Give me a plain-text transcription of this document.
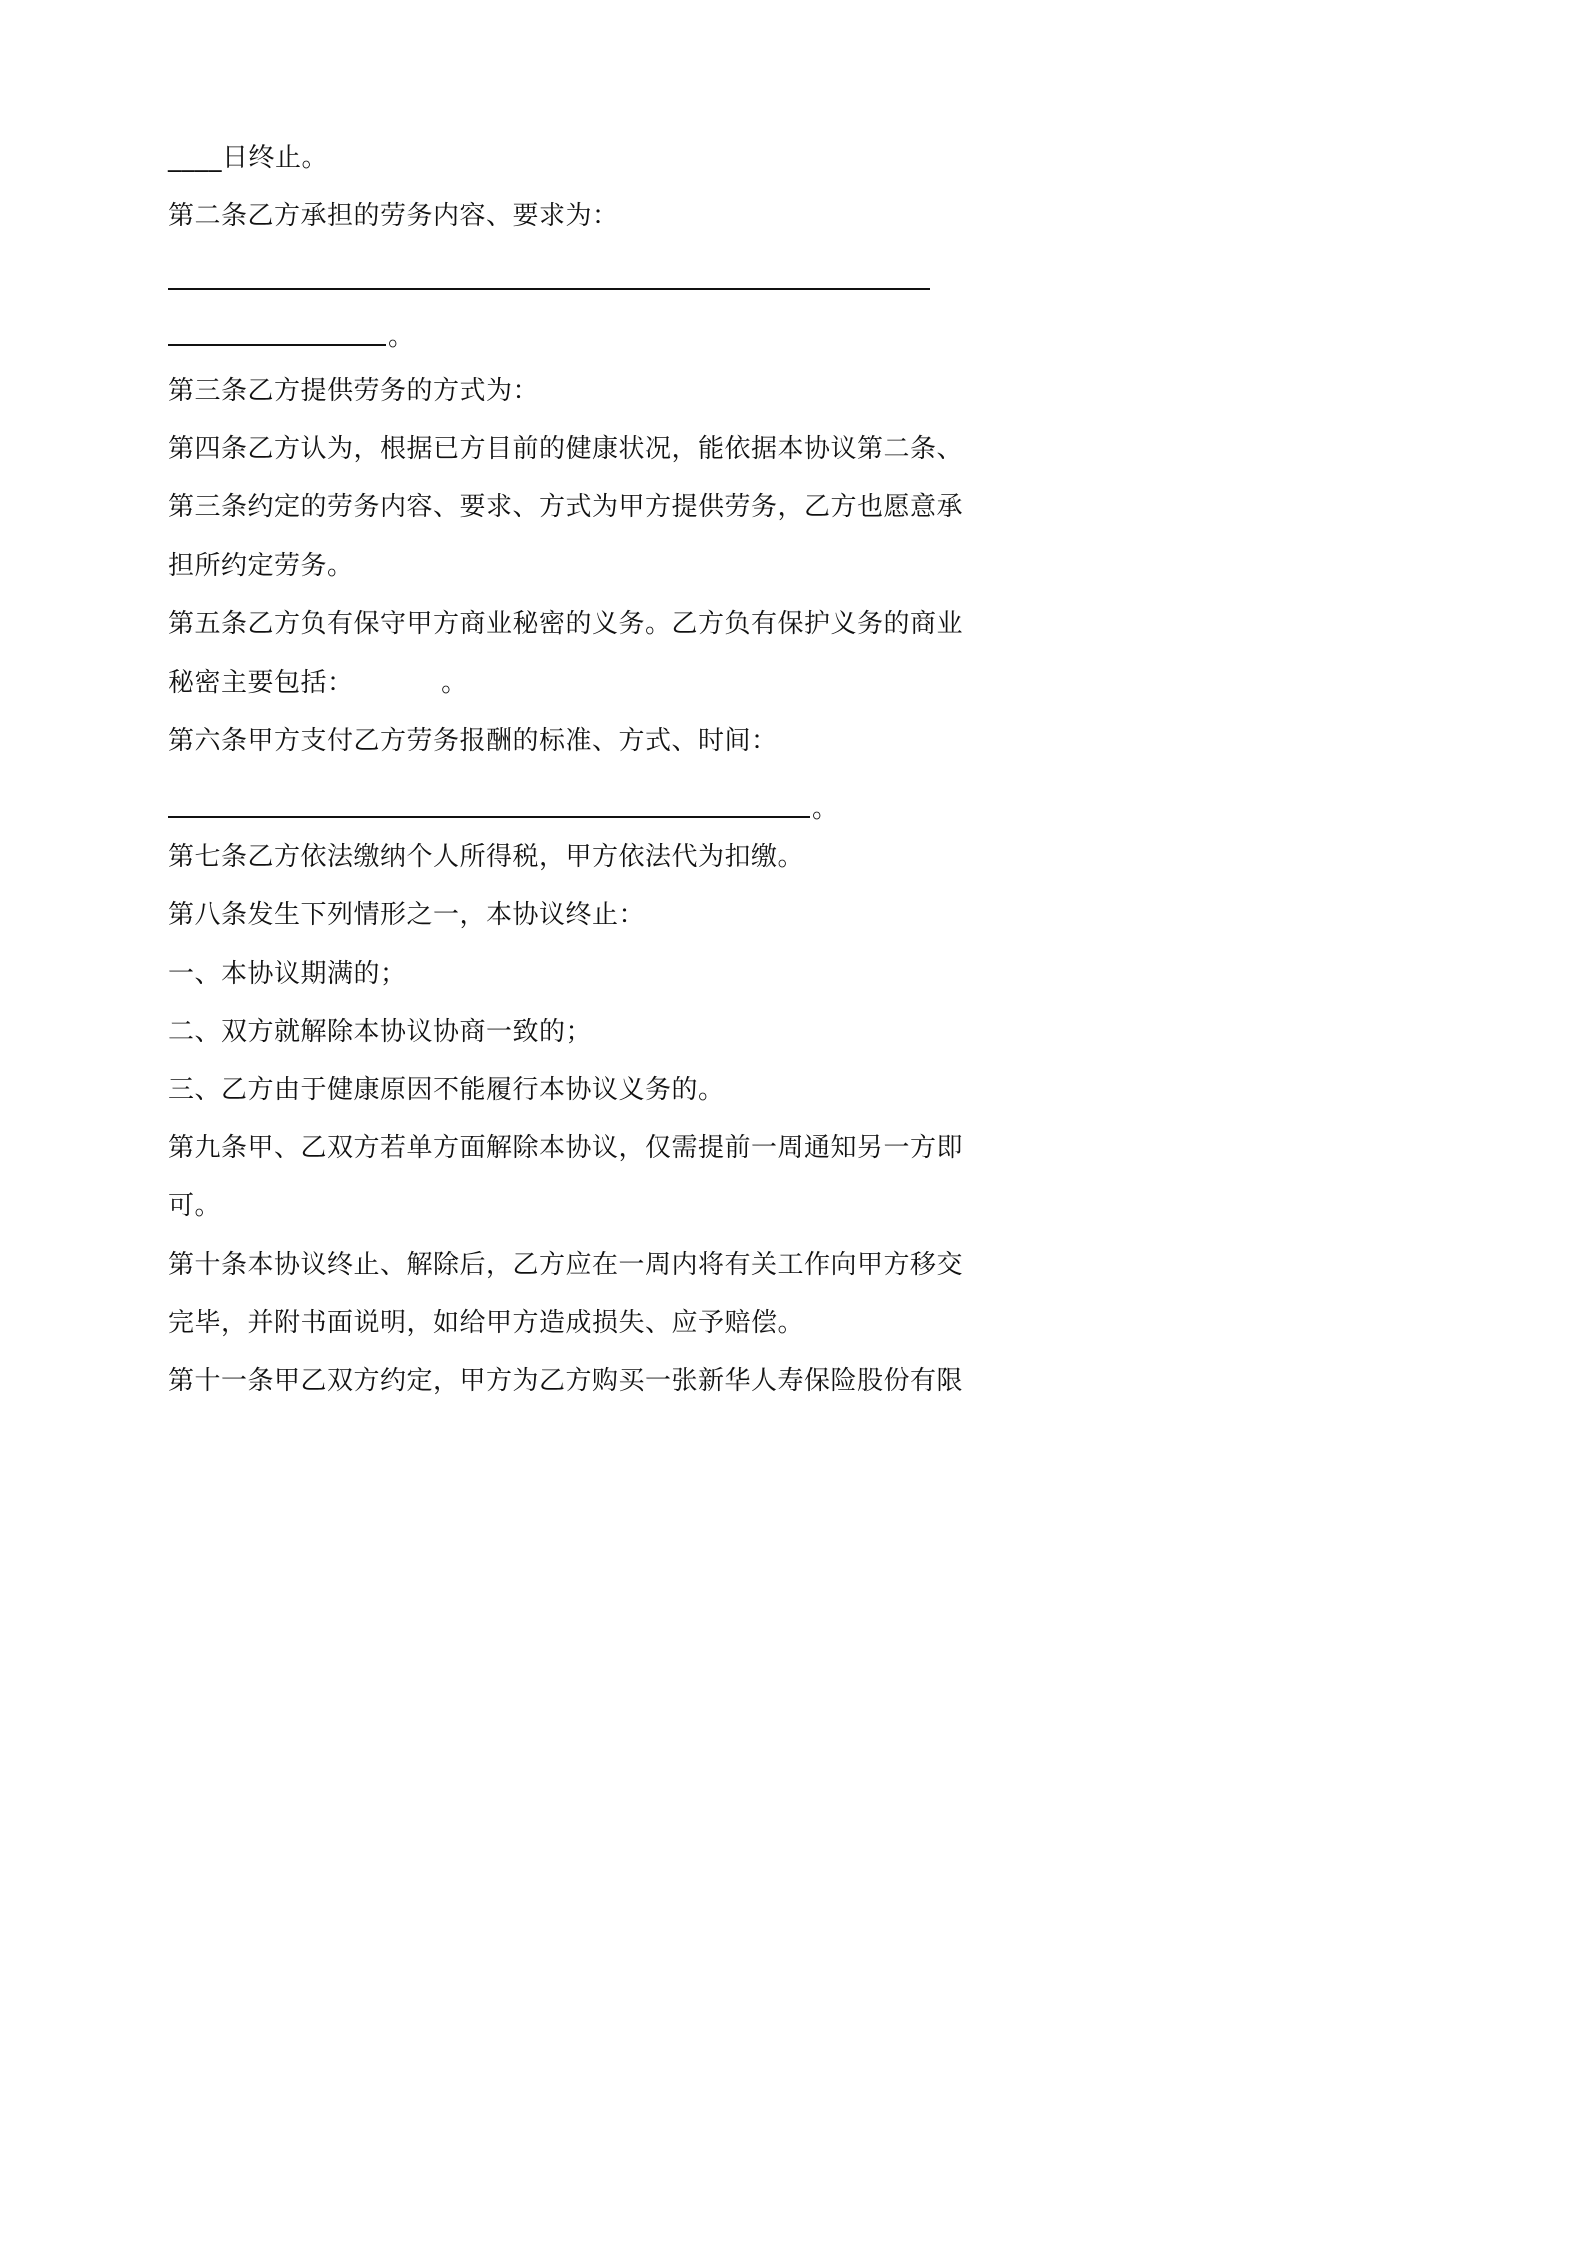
____日终止。
第二条乙方承担的劳务内容、要求为：
。
第三条乙方提供劳务的方式为：
第四条乙方认为，根据已方目前的健康状况，能依据本协议第二条、
第三条约定的劳务内容、要求、方式为甲方提供劳务，乙方也愿意承
担所约定劳务。
第五条乙方负有保守甲方商业秘密的义务。乙方负有保护义务的商业
秘密主要包括：          。
第六条甲方支付乙方劳务报酬的标准、方式、时间：
。
第七条乙方依法缴纳个人所得税，甲方依法代为扣缴。
第八条发生下列情形之一，本协议终止：
一、本协议期满的；
二、双方就解除本协议协商一致的；
三、乙方由于健康原因不能履行本协议义务的。
第九条甲、乙双方若单方面解除本协议，仅需提前一周通知另一方即
可。
第十条本协议终止、解除后，乙方应在一周内将有关工作向甲方移交
完毕，并附书面说明，如给甲方造成损失、应予赔偿。
第十一条甲乙双方约定，甲方为乙方购买一张新华人寿保险股份有限
